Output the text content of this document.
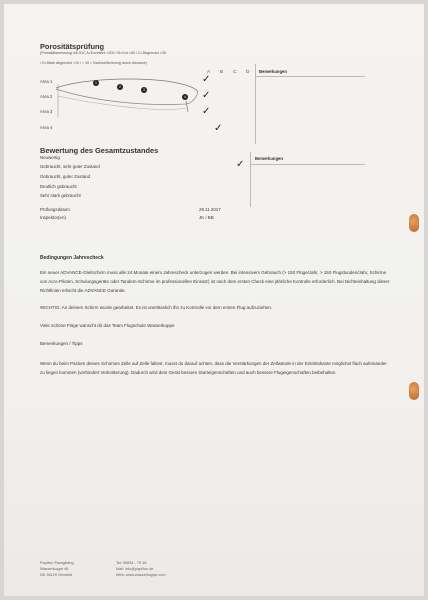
Porositätsprüfung
(Porositätsmessung mit JDC A=Exzellent >200 / B=Gut >60 / C=Abgenutzt >30
/ D=Stark abgenutzt <10 / < 15 = Nachverfilzierung durch Advance)
A B C D Bemerkungen
Area 1
Area 2
Area 3
Area 4
1
2
3
4
✓
✓
✓
✓
Bewertung des Gesamtzustandes
Bemerkungen
Neuwertig
Gebraucht, sehr guter Zustand
Gebraucht, guter Zustand
Deutlich gebraucht
Sehr stark gebraucht
✓
Prüfungsdatum	29.11.2017
Inspektor(en)	JK / BB
Bedingungen Jahrescheck
Ein neuer ADVANCE-Gleitschirm muss alle 24 Monate einem Jahrescheck unterzogen werden. Bei intensivem Gebrauch (> 150 Flüge/Jahr, > 150 Flugstunden/Jahr, Schirme von Acro-Piloten, Schulungsgeräte oder Tandem-Schirme im professionellen Einsatz) ist nach dem ersten Check eine jährliche Kontrolle erforderlich. Bei Nichteinhaltung dieser Richtlinien erlischt die ADVANCE Garantie.
WICHTIG: An deinem Schirm wurde gearbeitet. Es ist unerlässlich ihn zu Kontrolle vor dem ersten Flug aufzuziehen.
Viele schöne Flüge wünscht dir das Team Flugschule Wasserkuppe
Bemerkungen / Tipps
Wenn du beim Packen deines Schirmes Zelle auf Zelle faltest, musst du darauf achten, dass die Verstärkungen der Zellwände in der Eintrittskante möglichst flach aufeinander zu liegen kommen (verhindert Verknitterung). Dadurch wird dein Gerät bessere Starteigenschaften und auch bessere Flugeigenschaften beibehalten.
Papillon Paragliding
Wasserkuppe 46
DE 36129 Gersfeld
Tel: 06654 - 75 48
Mail: info@papillon.de
Web: www.wasserkuppe.com
